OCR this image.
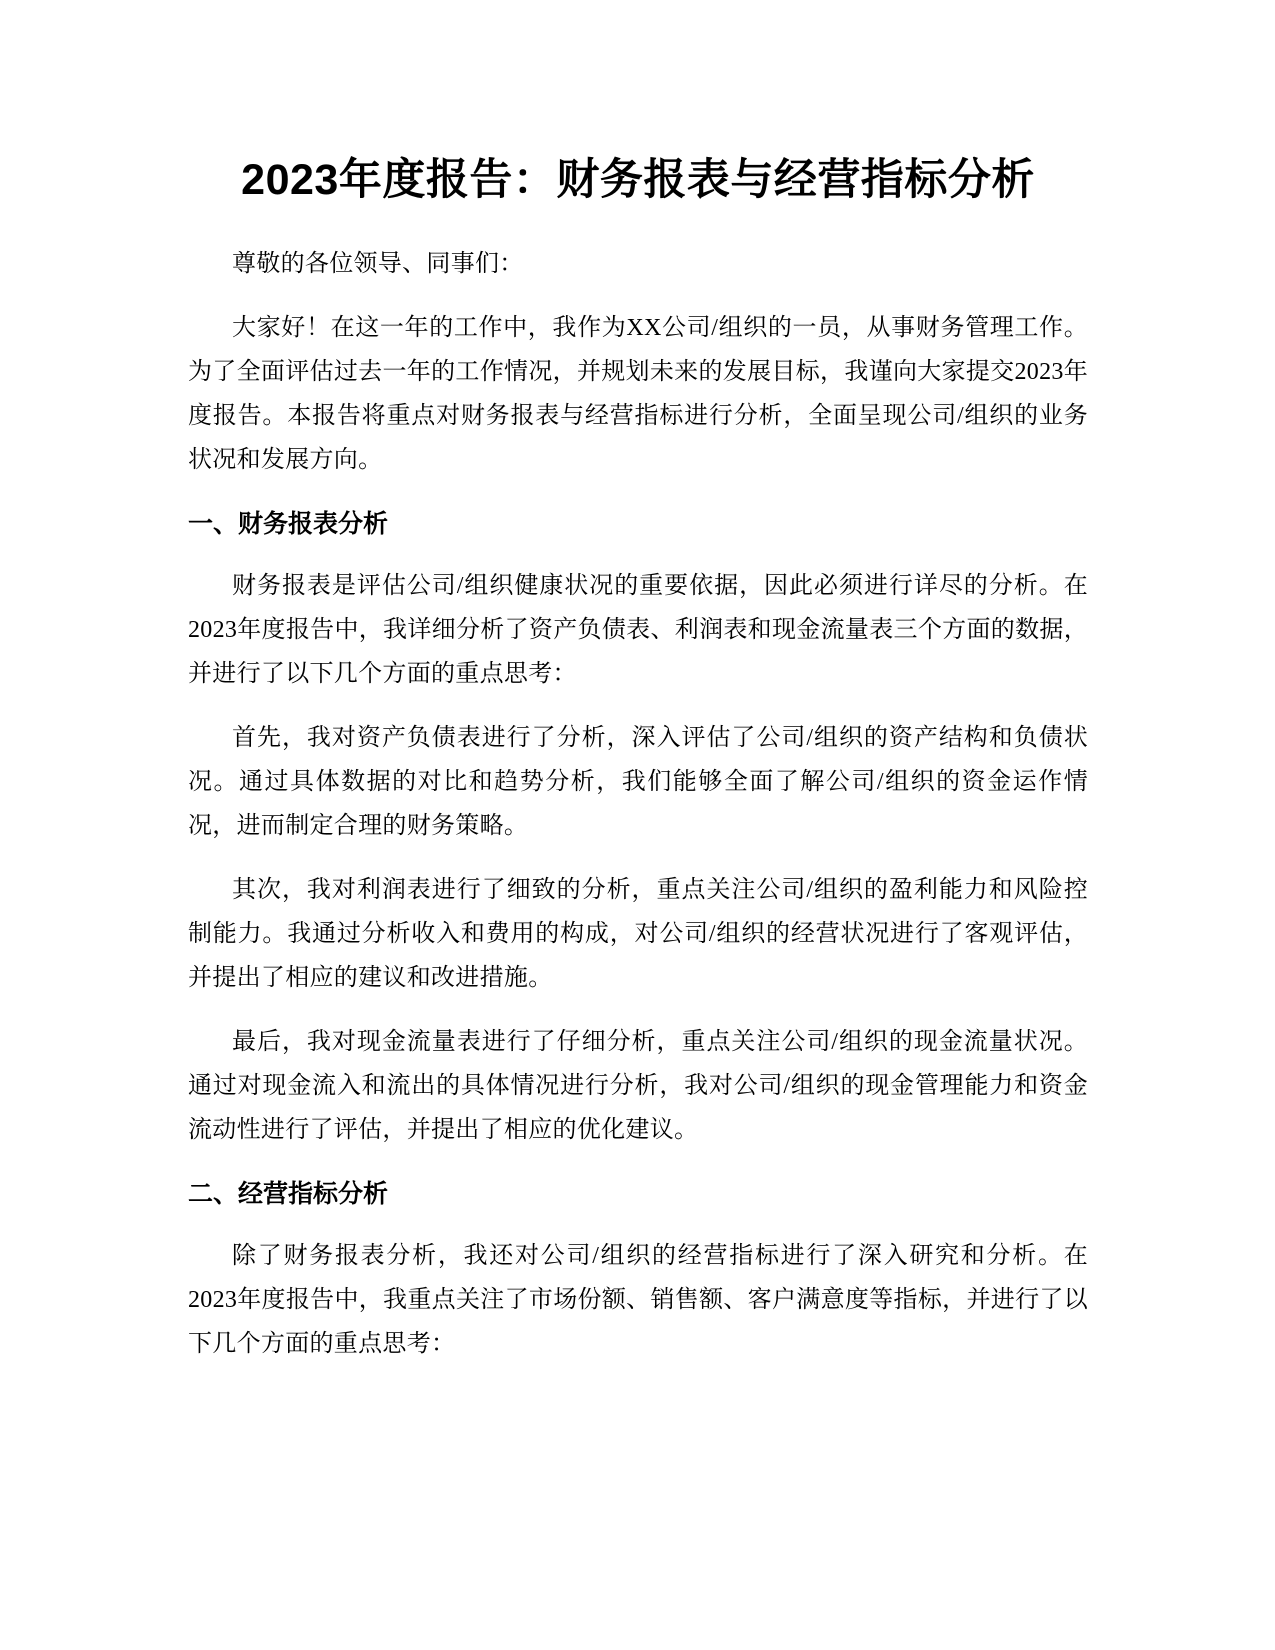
2023年度报告：财务报表与经营指标分析

尊敬的各位领导、同事们：

大家好！在这一年的工作中，我作为XX公司/组织的一员，从事财务管理工作。为了全面评估过去一年的工作情况，并规划未来的发展目标，我谨向大家提交2023年度报告。本报告将重点对财务报表与经营指标进行分析，全面呈现公司/组织的业务状况和发展方向。

一、财务报表分析

财务报表是评估公司/组织健康状况的重要依据，因此必须进行详尽的分析。在2023年度报告中，我详细分析了资产负债表、利润表和现金流量表三个方面的数据，并进行了以下几个方面的重点思考：

首先，我对资产负债表进行了分析，深入评估了公司/组织的资产结构和负债状况。通过具体数据的对比和趋势分析，我们能够全面了解公司/组织的资金运作情况，进而制定合理的财务策略。

其次，我对利润表进行了细致的分析，重点关注公司/组织的盈利能力和风险控制能力。我通过分析收入和费用的构成，对公司/组织的经营状况进行了客观评估，并提出了相应的建议和改进措施。

最后，我对现金流量表进行了仔细分析，重点关注公司/组织的现金流量状况。通过对现金流入和流出的具体情况进行分析，我对公司/组织的现金管理能力和资金流动性进行了评估，并提出了相应的优化建议。

二、经营指标分析

除了财务报表分析，我还对公司/组织的经营指标进行了深入研究和分析。在2023年度报告中，我重点关注了市场份额、销售额、客户满意度等指标，并进行了以下几个方面的重点思考：
